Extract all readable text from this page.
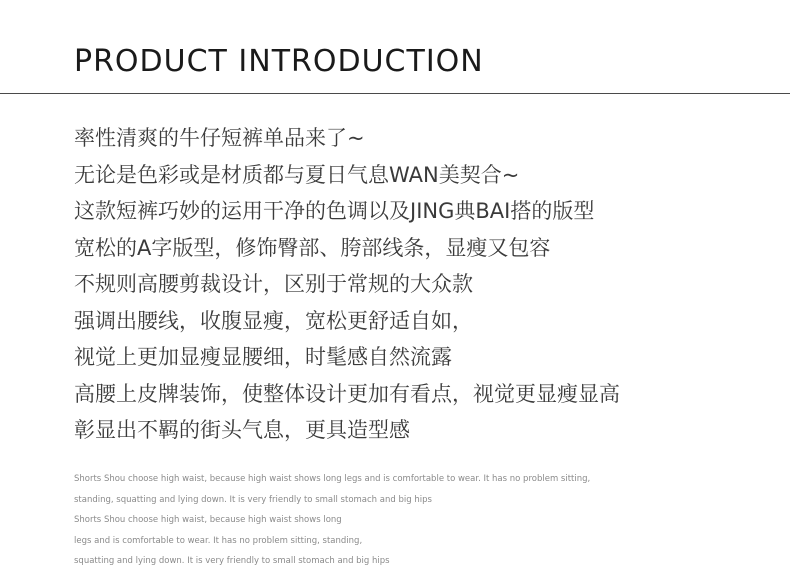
PRODUCT INTRODUCTION
率性清爽的牛仔短裤单品来了~
无论是色彩或是材质都与夏日气息WAN美契合~
这款短裤巧妙的运用干净的色调以及JING典BAI搭的版型
宽松的A字版型，修饰臀部、胯部线条，显瘦又包容
不规则高腰剪裁设计，区别于常规的大众款
强调出腰线，收腹显瘦，宽松更舒适自如，
视觉上更加显瘦显腰细，时髦感自然流露
高腰上皮牌装饰，使整体设计更加有看点，视觉更显瘦显高
彰显出不羁的街头气息，更具造型感
Shorts Shou choose high waist, because high waist shows long legs and is comfortable to wear. It has no problem sitting,
standing, squatting and lying down. It is very friendly to small stomach and big hips
Shorts Shou choose high waist, because high waist shows long
legs and is comfortable to wear. It has no problem sitting, standing,
squatting and lying down. It is very friendly to small stomach and big hips
